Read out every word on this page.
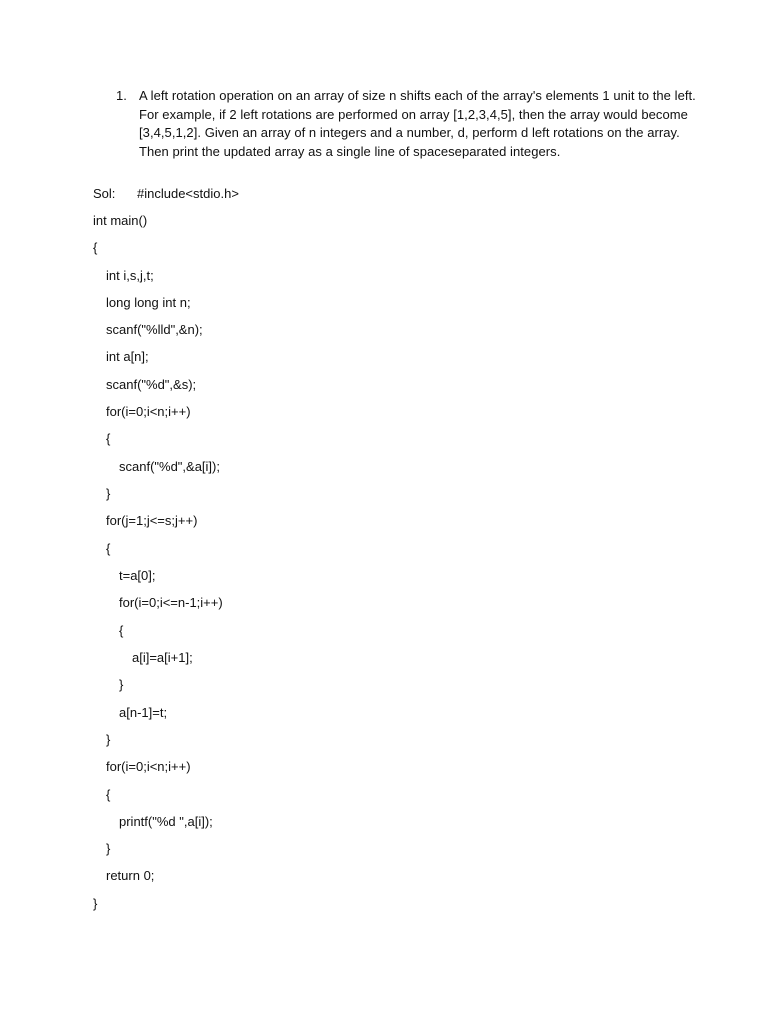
1. A left rotation operation on an array of size n shifts each of the array's elements 1 unit to the left. For example, if 2 left rotations are performed on array [1,2,3,4,5], then the array would become [3,4,5,1,2]. Given an array of n integers and a number, d, perform d left rotations on the array. Then print the updated array as a single line of spaceseparated integers.
Sol: #include<stdio.h>
int main()
{
int i,s,j,t;
long long int n;
scanf("%lld",&n);
int a[n];
scanf("%d",&s);
for(i=0;i<n;i++)
{
scanf("%d",&a[i]);
}
for(j=1;j<=s;j++)
{
t=a[0];
for(i=0;i<=n-1;i++)
{
a[i]=a[i+1];
}
a[n-1]=t;
}
for(i=0;i<n;i++)
{
printf("%d ",a[i]);
}
return 0;
}
